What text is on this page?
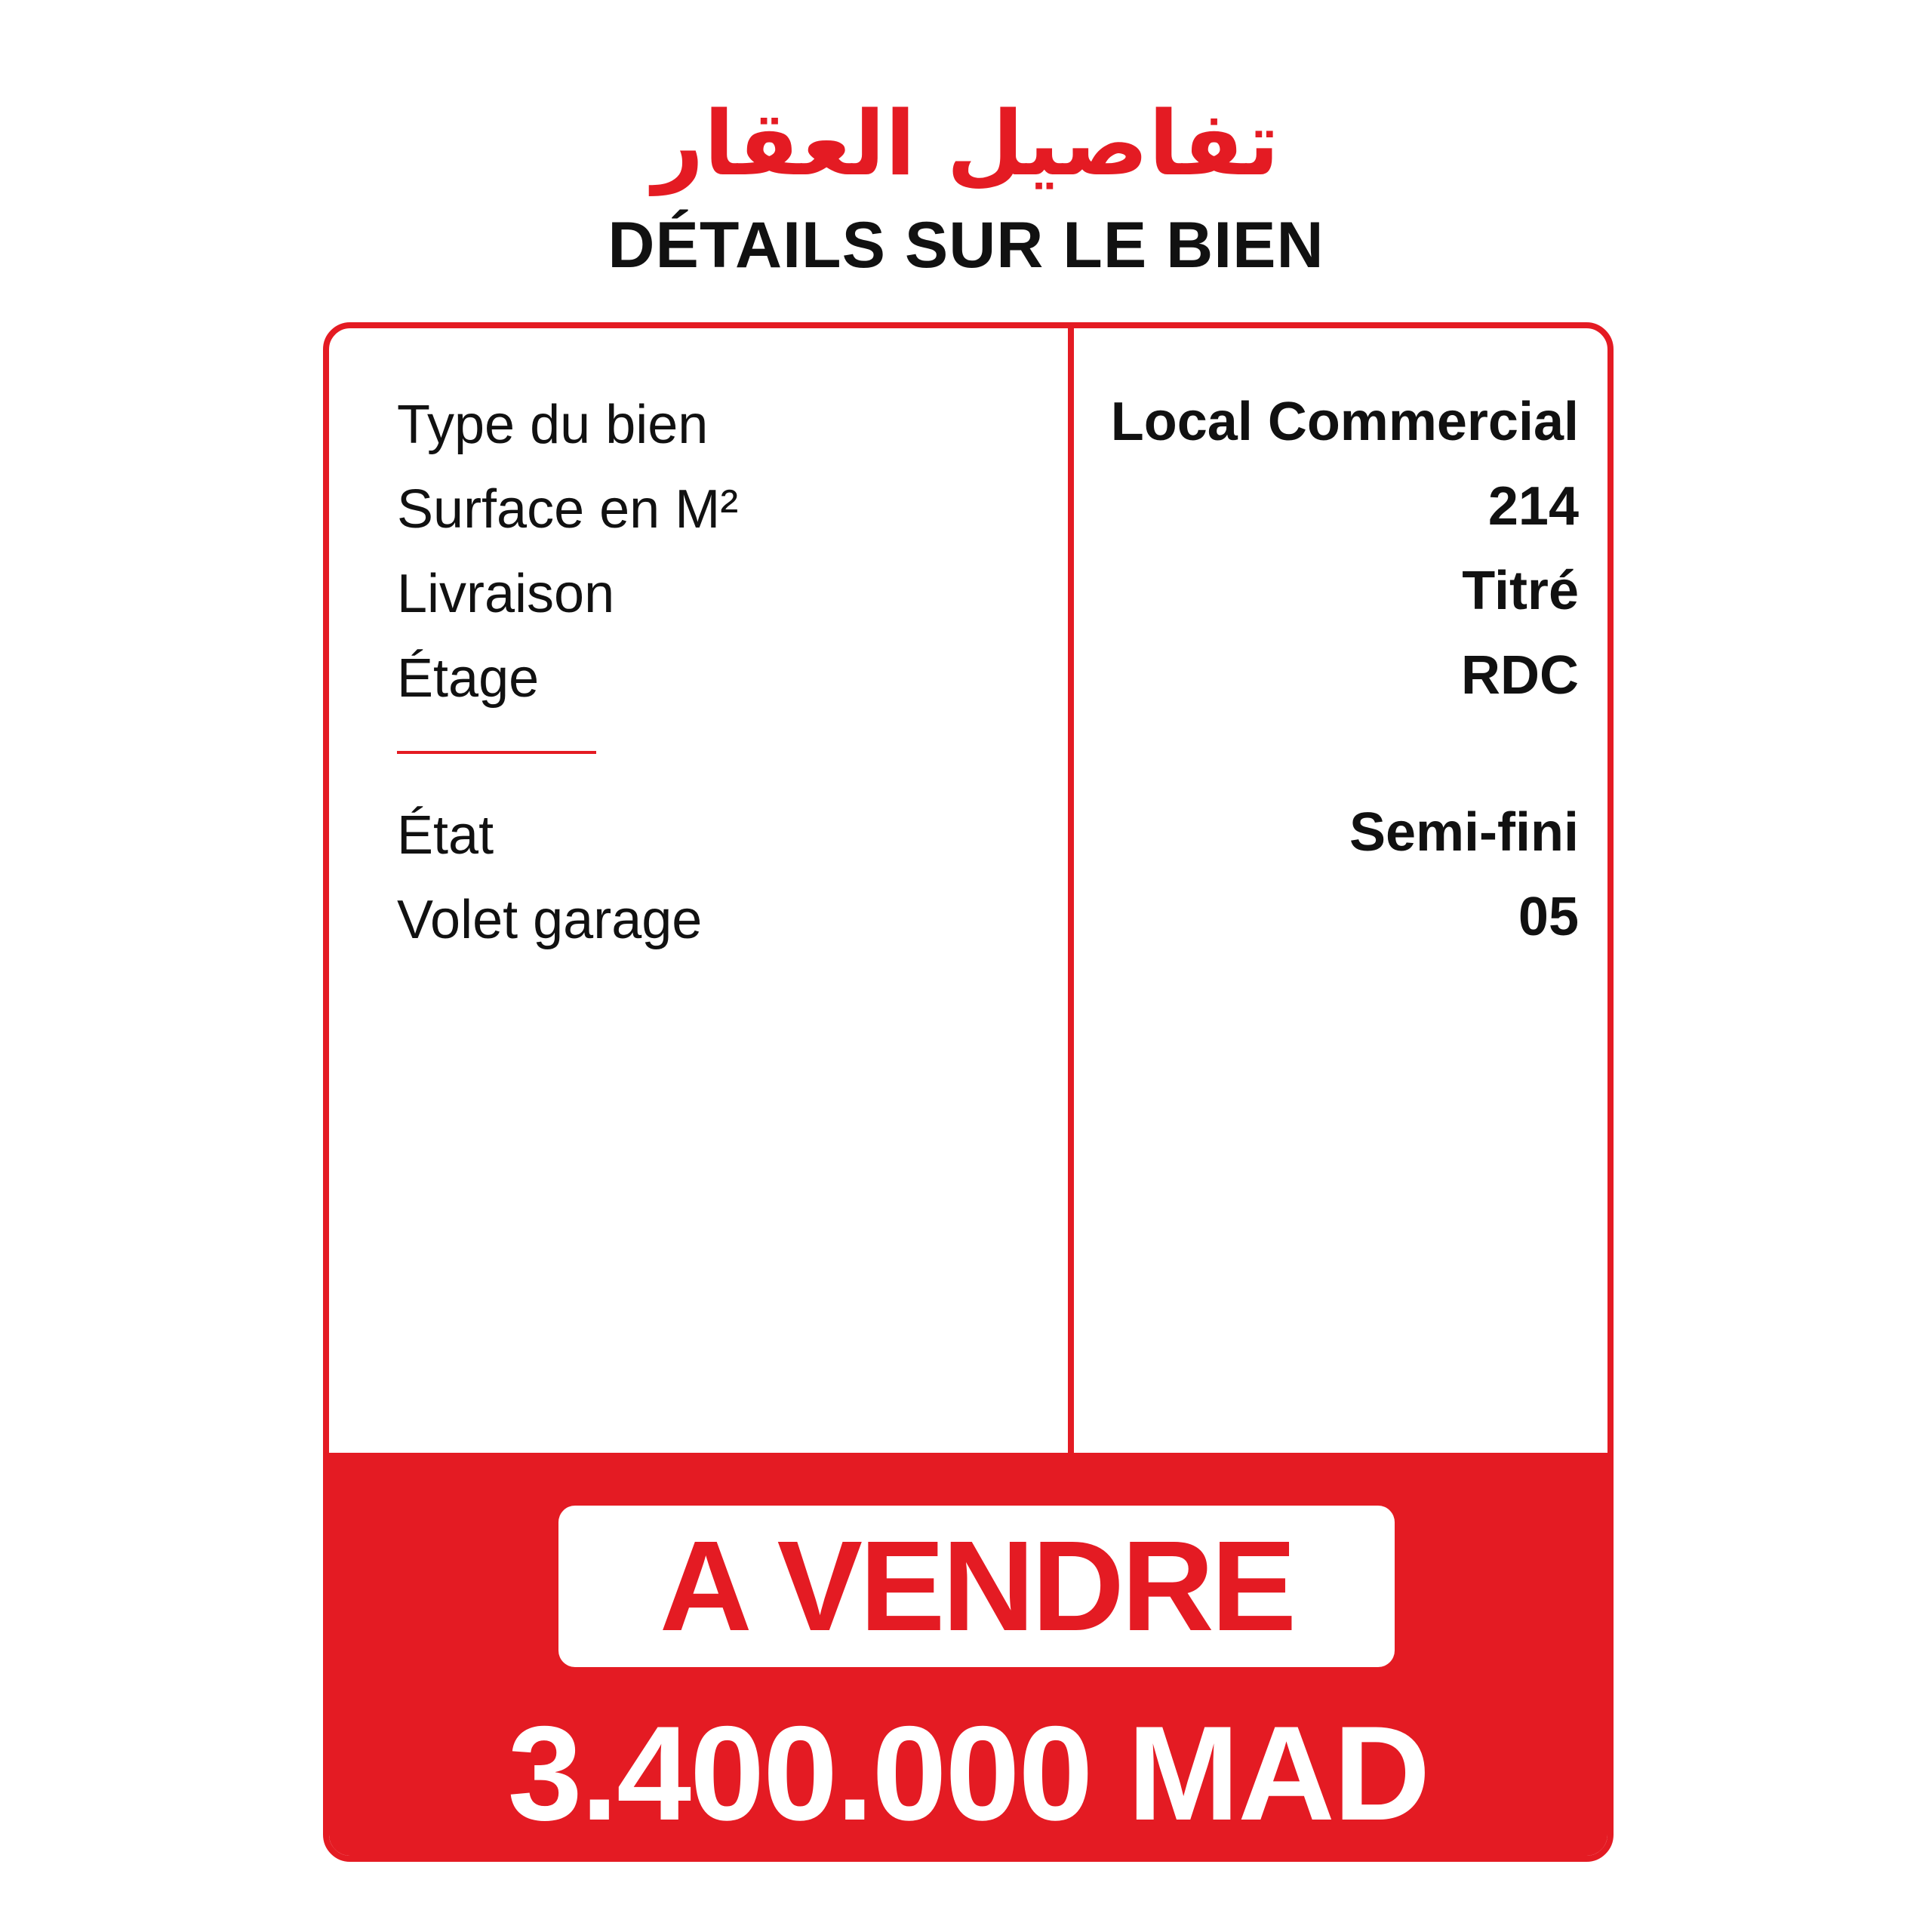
تفاصيل العقار
DÉTAILS SUR LE BIEN
Type du bien
Surface en M²
Livraison
Étage
État
Volet garage
Local Commercial
214
Titré
RDC
Semi-fini
05
A VENDRE
3.400.000 MAD
